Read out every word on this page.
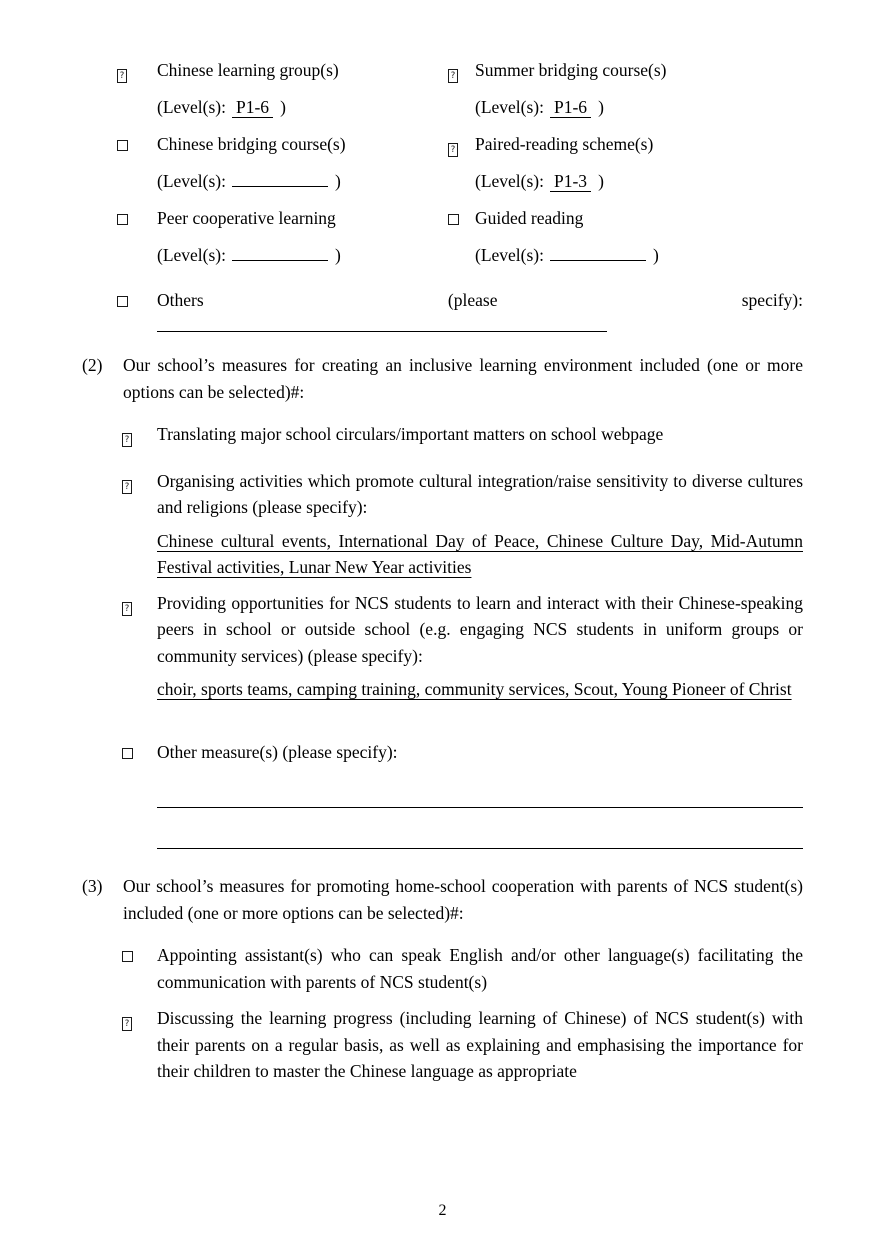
? Chinese learning group(s)	? Summer bridging course(s)
(Level(s): P1-6 )	(Level(s): P1-6 )
Chinese bridging course(s)	? Paired-reading scheme(s)
(Level(s):	)	(Level(s): P1-3 )
Peer cooperative learning	Guided reading
(Level(s):	)	(Level(s):	)
Others	(please	specify):
(2)	Our school’s measures for creating an inclusive learning environment included (one or more options can be selected)#:
?	Translating major school circulars/important matters on school webpage
?	Organising activities which promote cultural integration/raise sensitivity to diverse cultures and religions (please specify):
Chinese cultural events, International Day of Peace, Chinese Culture Day, Mid-Autumn Festival activities, Lunar New Year activities
?	Providing opportunities for NCS students to learn and interact with their Chinese-speaking peers in school or outside school (e.g. engaging NCS students in uniform groups or community services) (please specify):
choir, sports teams, camping training, community services, Scout, Young Pioneer of Christ
Other measure(s) (please specify):
(3)	Our school’s measures for promoting home-school cooperation with parents of NCS student(s) included (one or more options can be selected)#:
Appointing assistant(s) who can speak English and/or other language(s) facilitating the communication with parents of NCS student(s)
?	Discussing the learning progress (including learning of Chinese) of NCS student(s) with their parents on a regular basis, as well as explaining and emphasising the importance for their children to master the Chinese language as appropriate
2
